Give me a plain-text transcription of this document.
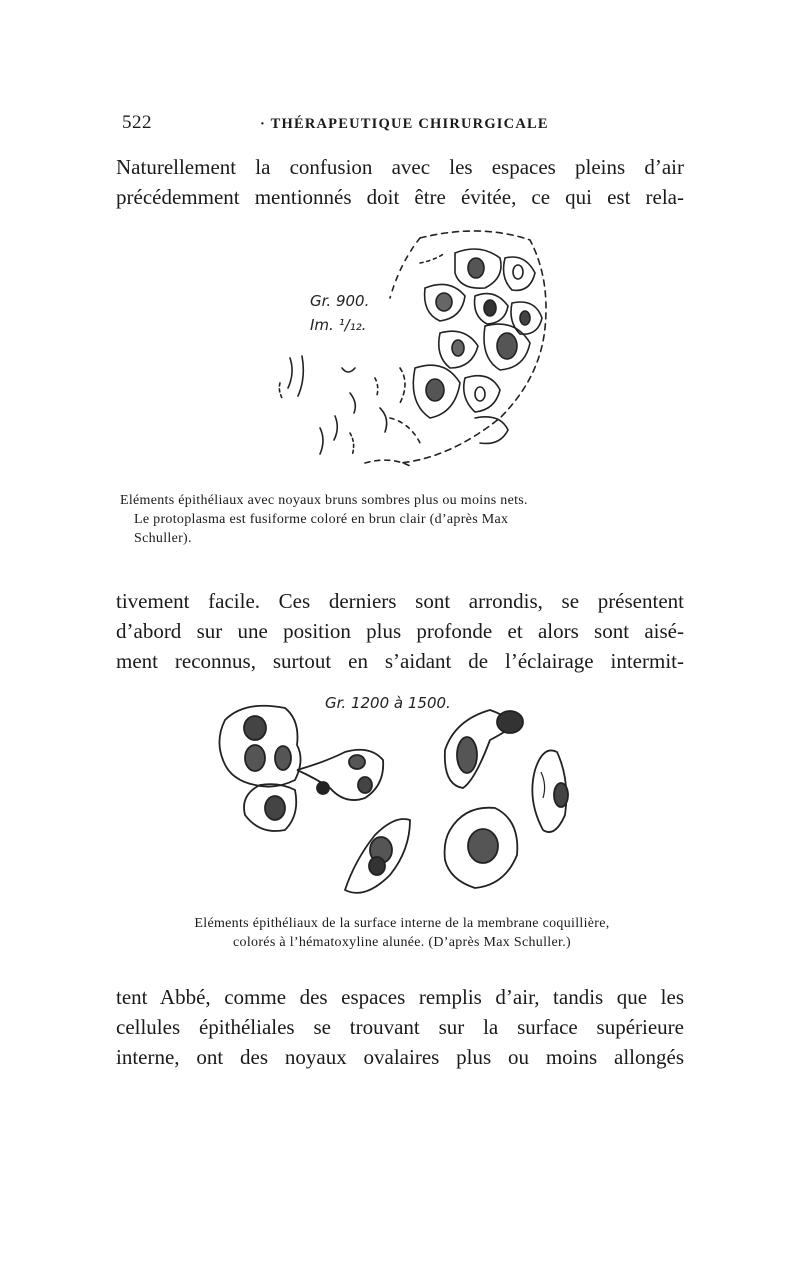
522	· THÉRAPEUTIQUE CHIRURGICALE

Naturellement la confusion avec les espaces pleins d’air
précédemment mentionnés doit être évitée, ce qui est rela-

Gr. 900.
Im. ¹/₁₂.

Eléments épithéliaux avec noyaux bruns sombres plus ou moins nets.
Le protoplasma est fusiforme coloré en brun clair (d’après Max
Schuller).

tivement facile. Ces derniers sont arrondis, se présentent
d’abord sur une position plus profonde et alors sont aisé-
ment reconnus, surtout en s’aidant de l’éclairage intermit-

Gr. 1200 à 1500.

Eléments épithéliaux de la surface interne de la membrane coquillière,
colorés à l’hématoxyline alunée. (D’après Max Schuller.)

tent Abbé, comme des espaces remplis d’air, tandis que les
cellules épithéliales se trouvant sur la surface supérieure
interne, ont des noyaux ovalaires plus ou moins allongés
